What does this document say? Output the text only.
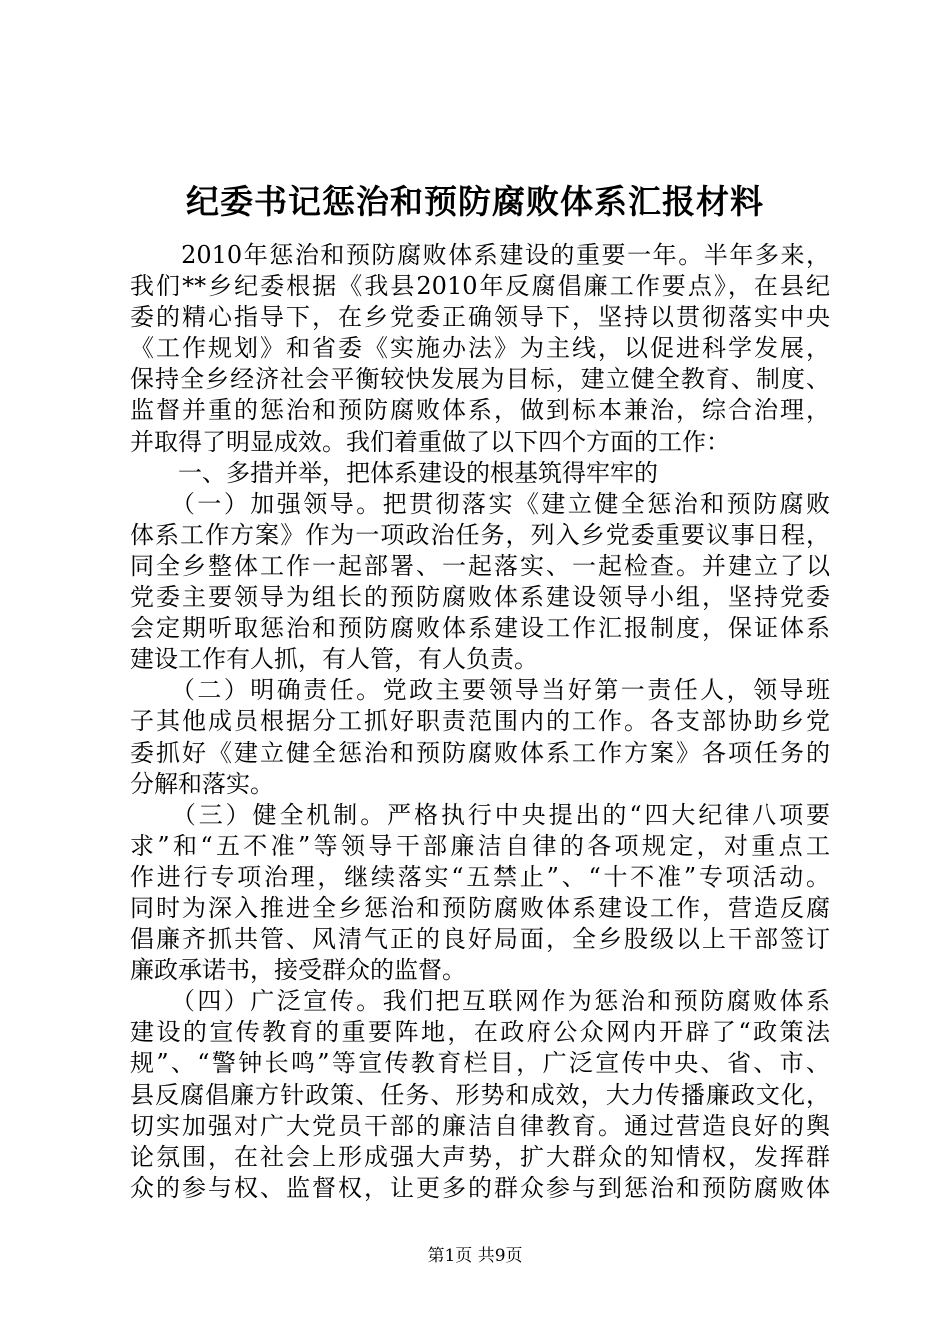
纪委书记惩治和预防腐败体系汇报材料
　　2010年惩治和预防腐败体系建设的重要一年。半年多来，
我们**乡纪委根据《我县2010年反腐倡廉工作要点》，在县纪
委的精心指导下，在乡党委正确领导下，坚持以贯彻落实中央
《工作规划》和省委《实施办法》为主线，以促进科学发展，
保持全乡经济社会平衡较快发展为目标，建立健全教育、制度、
监督并重的惩治和预防腐败体系，做到标本兼治，综合治理，
并取得了明显成效。我们着重做了以下四个方面的工作：
　　一、多措并举，把体系建设的根基筑得牢牢的
　　（一）加强领导。把贯彻落实《建立健全惩治和预防腐败
体系工作方案》作为一项政治任务，列入乡党委重要议事日程，
同全乡整体工作一起部署、一起落实、一起检查。并建立了以
党委主要领导为组长的预防腐败体系建设领导小组，坚持党委
会定期听取惩治和预防腐败体系建设工作汇报制度，保证体系
建设工作有人抓，有人管，有人负责。
　　（二）明确责任。党政主要领导当好第一责任人，领导班
子其他成员根据分工抓好职责范围内的工作。各支部协助乡党
委抓好《建立健全惩治和预防腐败体系工作方案》各项任务的
分解和落实。
　　（三）健全机制。严格执行中央提出的“四大纪律八项要
求”和“五不准”等领导干部廉洁自律的各项规定，对重点工
作进行专项治理，继续落实“五禁止”、“十不准”专项活动。
同时为深入推进全乡惩治和预防腐败体系建设工作，营造反腐
倡廉齐抓共管、风清气正的良好局面，全乡股级以上干部签订
廉政承诺书，接受群众的监督。
　　（四）广泛宣传。我们把互联网作为惩治和预防腐败体系
建设的宣传教育的重要阵地，在政府公众网内开辟了“政策法
规”、“警钟长鸣”等宣传教育栏目，广泛宣传中央、省、市、
县反腐倡廉方针政策、任务、形势和成效，大力传播廉政文化，
切实加强对广大党员干部的廉洁自律教育。通过营造良好的舆
论氛围，在社会上形成强大声势，扩大群众的知情权，发挥群
众的参与权、监督权，让更多的群众参与到惩治和预防腐败体
第1页 共9页
